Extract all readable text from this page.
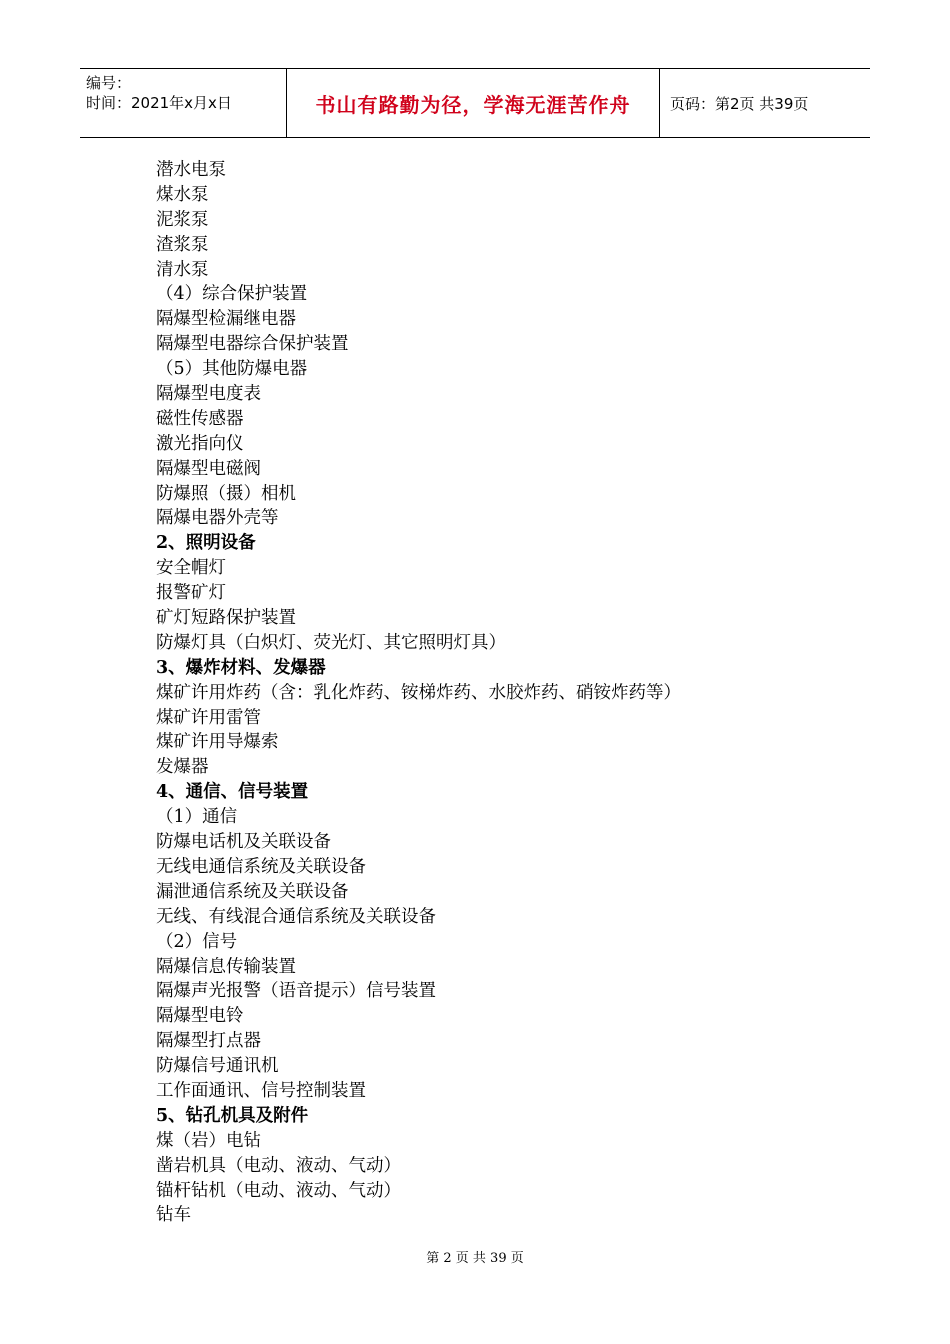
编号：
时间：2021年x月x日	书山有路勤为径，学海无涯苦作舟	页码：第2页 共39页
潜水电泵
煤水泵
泥浆泵
渣浆泵
清水泵
（4）综合保护装置
隔爆型检漏继电器
隔爆型电器综合保护装置
（5）其他防爆电器
隔爆型电度表
磁性传感器
激光指向仪
隔爆型电磁阀
防爆照（摄）相机
隔爆电器外壳等
2、照明设备
安全帽灯
报警矿灯
矿灯短路保护装置
防爆灯具（白炽灯、荧光灯、其它照明灯具）
3、爆炸材料、发爆器
煤矿许用炸药（含：乳化炸药、铵梯炸药、水胶炸药、硝铵炸药等）
煤矿许用雷管
煤矿许用导爆索
发爆器
4、通信、信号装置
（1）通信
防爆电话机及关联设备
无线电通信系统及关联设备
漏泄通信系统及关联设备
无线、有线混合通信系统及关联设备
（2）信号
隔爆信息传输装置
隔爆声光报警（语音提示）信号装置
隔爆型电铃
隔爆型打点器
防爆信号通讯机
工作面通讯、信号控制装置
5、钻孔机具及附件
煤（岩）电钻
凿岩机具（电动、液动、气动）
锚杆钻机（电动、液动、气动）
钻车
第 2 页 共 39 页
